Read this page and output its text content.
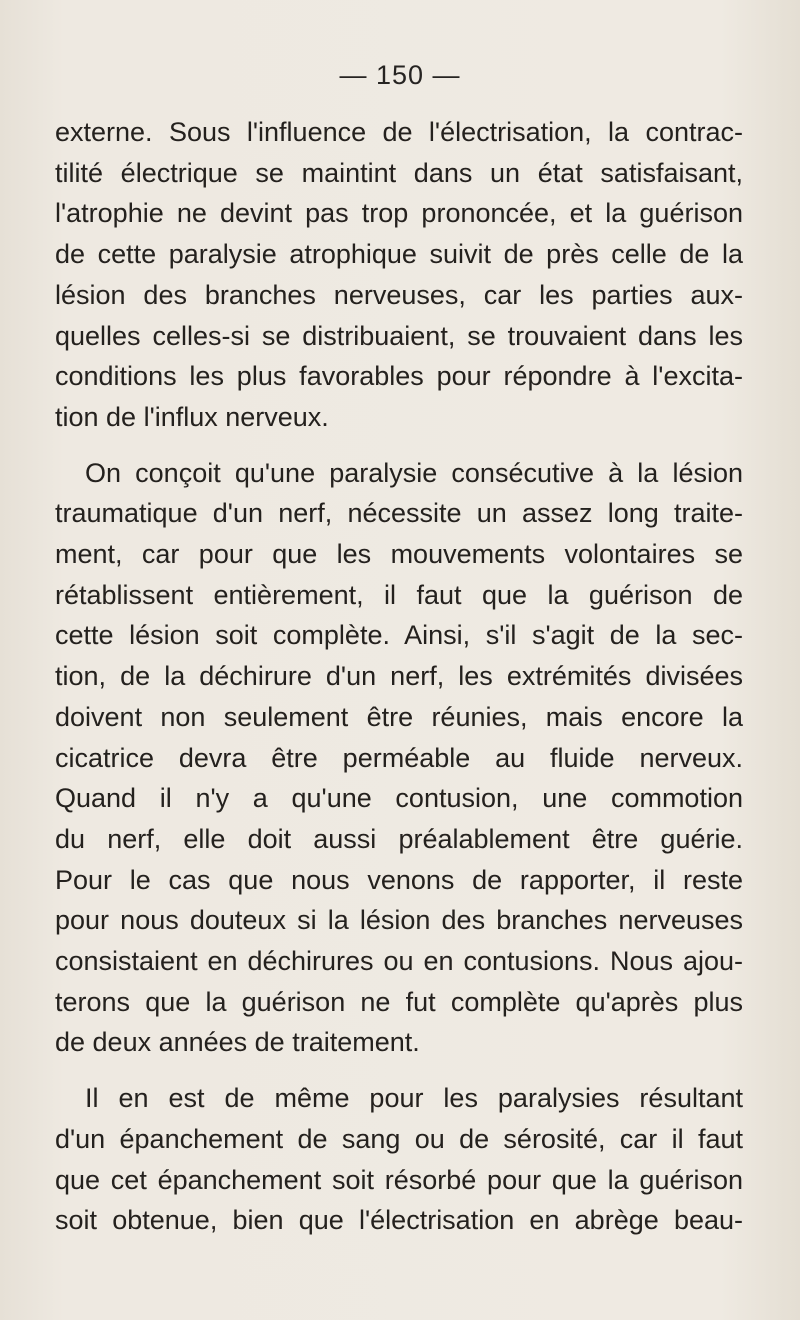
— 150 —
externe. Sous l'influence de l'électrisation, la contrac-
tilité électrique se maintint dans un état satisfaisant,
l'atrophie ne devint pas trop prononcée, et la guérison
de cette paralysie atrophique suivit de près celle de la
lésion des branches nerveuses, car les parties aux-
quelles celles-si se distribuaient, se trouvaient dans les
conditions les plus favorables pour répondre à l'excita-
tion de l'influx nerveux.
On conçoit qu'une paralysie consécutive à la lésion
traumatique d'un nerf, nécessite un assez long traite-
ment, car pour que les mouvements volontaires se
rétablissent entièrement, il faut que la guérison de
cette lésion soit complète. Ainsi, s'il s'agit de la sec-
tion, de la déchirure d'un nerf, les extrémités divisées
doivent non seulement être réunies, mais encore la
cicatrice devra être perméable au fluide nerveux.
Quand il n'y a qu'une contusion, une commotion
du nerf, elle doit aussi préalablement être guérie.
Pour le cas que nous venons de rapporter, il reste
pour nous douteux si la lésion des branches nerveuses
consistaient en déchirures ou en contusions. Nous ajou-
terons que la guérison ne fut complète qu'après plus
de deux années de traitement.
Il en est de même pour les paralysies résultant
d'un épanchement de sang ou de sérosité, car il faut
que cet épanchement soit résorbé pour que la guérison
soit obtenue, bien que l'électrisation en abrège beau-
